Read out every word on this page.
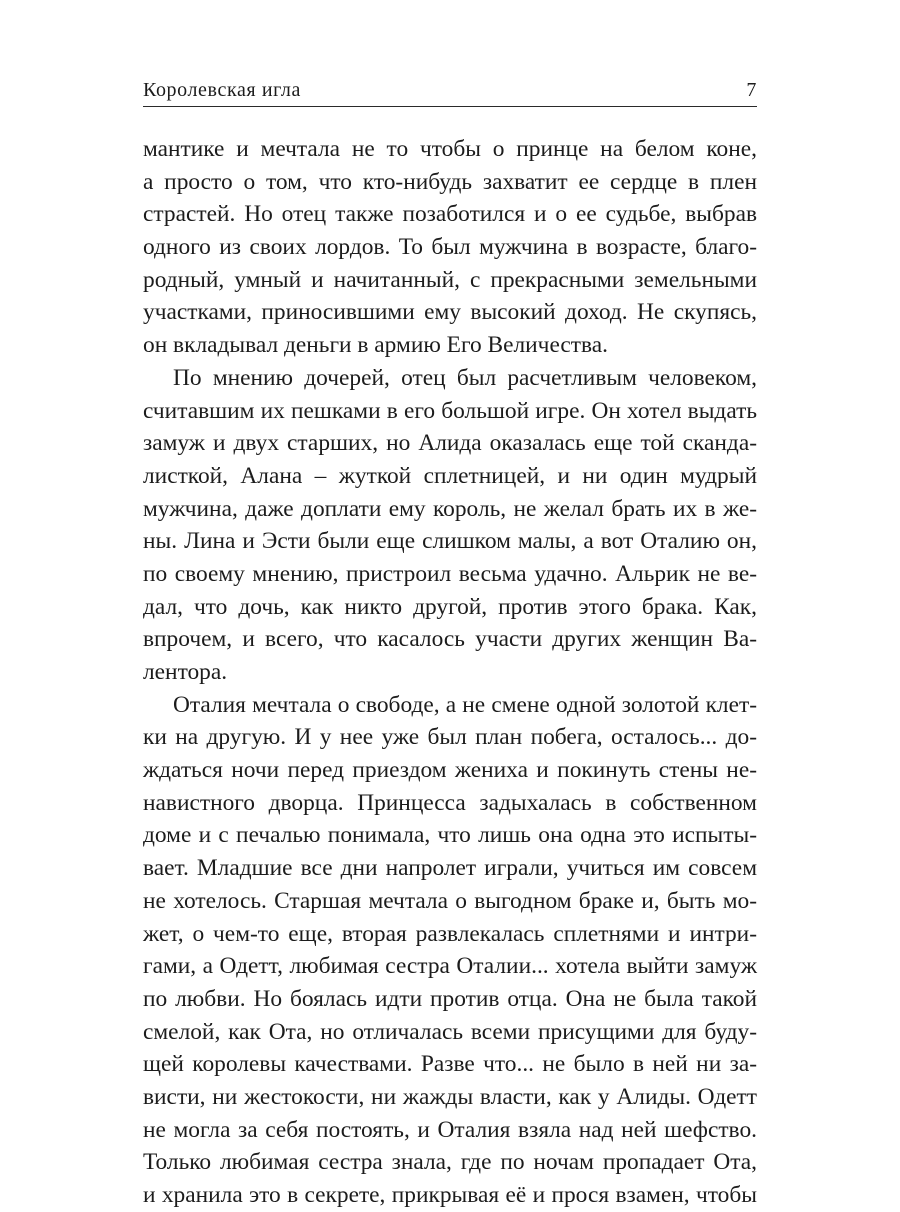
Королевская игла	7
мантике и мечтала не то чтобы о принце на белом коне,
а просто о том, что кто-нибудь захватит ее сердце в плен
страстей. Но отец также позаботился и о ее судьбе, выбрав
одного из своих лордов. То был мужчина в возрасте, благо-
родный, умный и начитанный, с прекрасными земельными
участками, приносившими ему высокий доход. Не скупясь,
он вкладывал деньги в армию Его Величества.
По мнению дочерей, отец был расчетливым человеком,
считавшим их пешками в его большой игре. Он хотел выдать
замуж и двух старших, но Алида оказалась еще той сканда-
листкой, Алана – жуткой сплетницей, и ни один мудрый
мужчина, даже доплати ему король, не желал брать их в же-
ны. Лина и Эсти были еще слишком малы, а вот Оталию он,
по своему мнению, пристроил весьма удачно. Альрик не ве-
дал, что дочь, как никто другой, против этого брака. Как,
впрочем, и всего, что касалось участи других женщин Ва-
лентора.
Оталия мечтала о свободе, а не смене одной золотой клет-
ки на другую. И у нее уже был план побега, осталось... до-
ждаться ночи перед приездом жениха и покинуть стены не-
навистного дворца. Принцесса задыхалась в собственном
доме и с печалью понимала, что лишь она одна это испыты-
вает. Младшие все дни напролет играли, учиться им совсем
не хотелось. Старшая мечтала о выгодном браке и, быть мо-
жет, о чем-то еще, вторая развлекалась сплетнями и интри-
гами, а Одетт, любимая сестра Оталии... хотела выйти замуж
по любви. Но боялась идти против отца. Она не была такой
смелой, как Ота, но отличалась всеми присущими для буду-
щей королевы качествами. Разве что... не было в ней ни за-
висти, ни жестокости, ни жажды власти, как у Алиды. Одетт
не могла за себя постоять, и Оталия взяла над ней шефство.
Только любимая сестра знала, где по ночам пропадает Ота,
и хранила это в секрете, прикрывая её и прося взамен, чтобы
